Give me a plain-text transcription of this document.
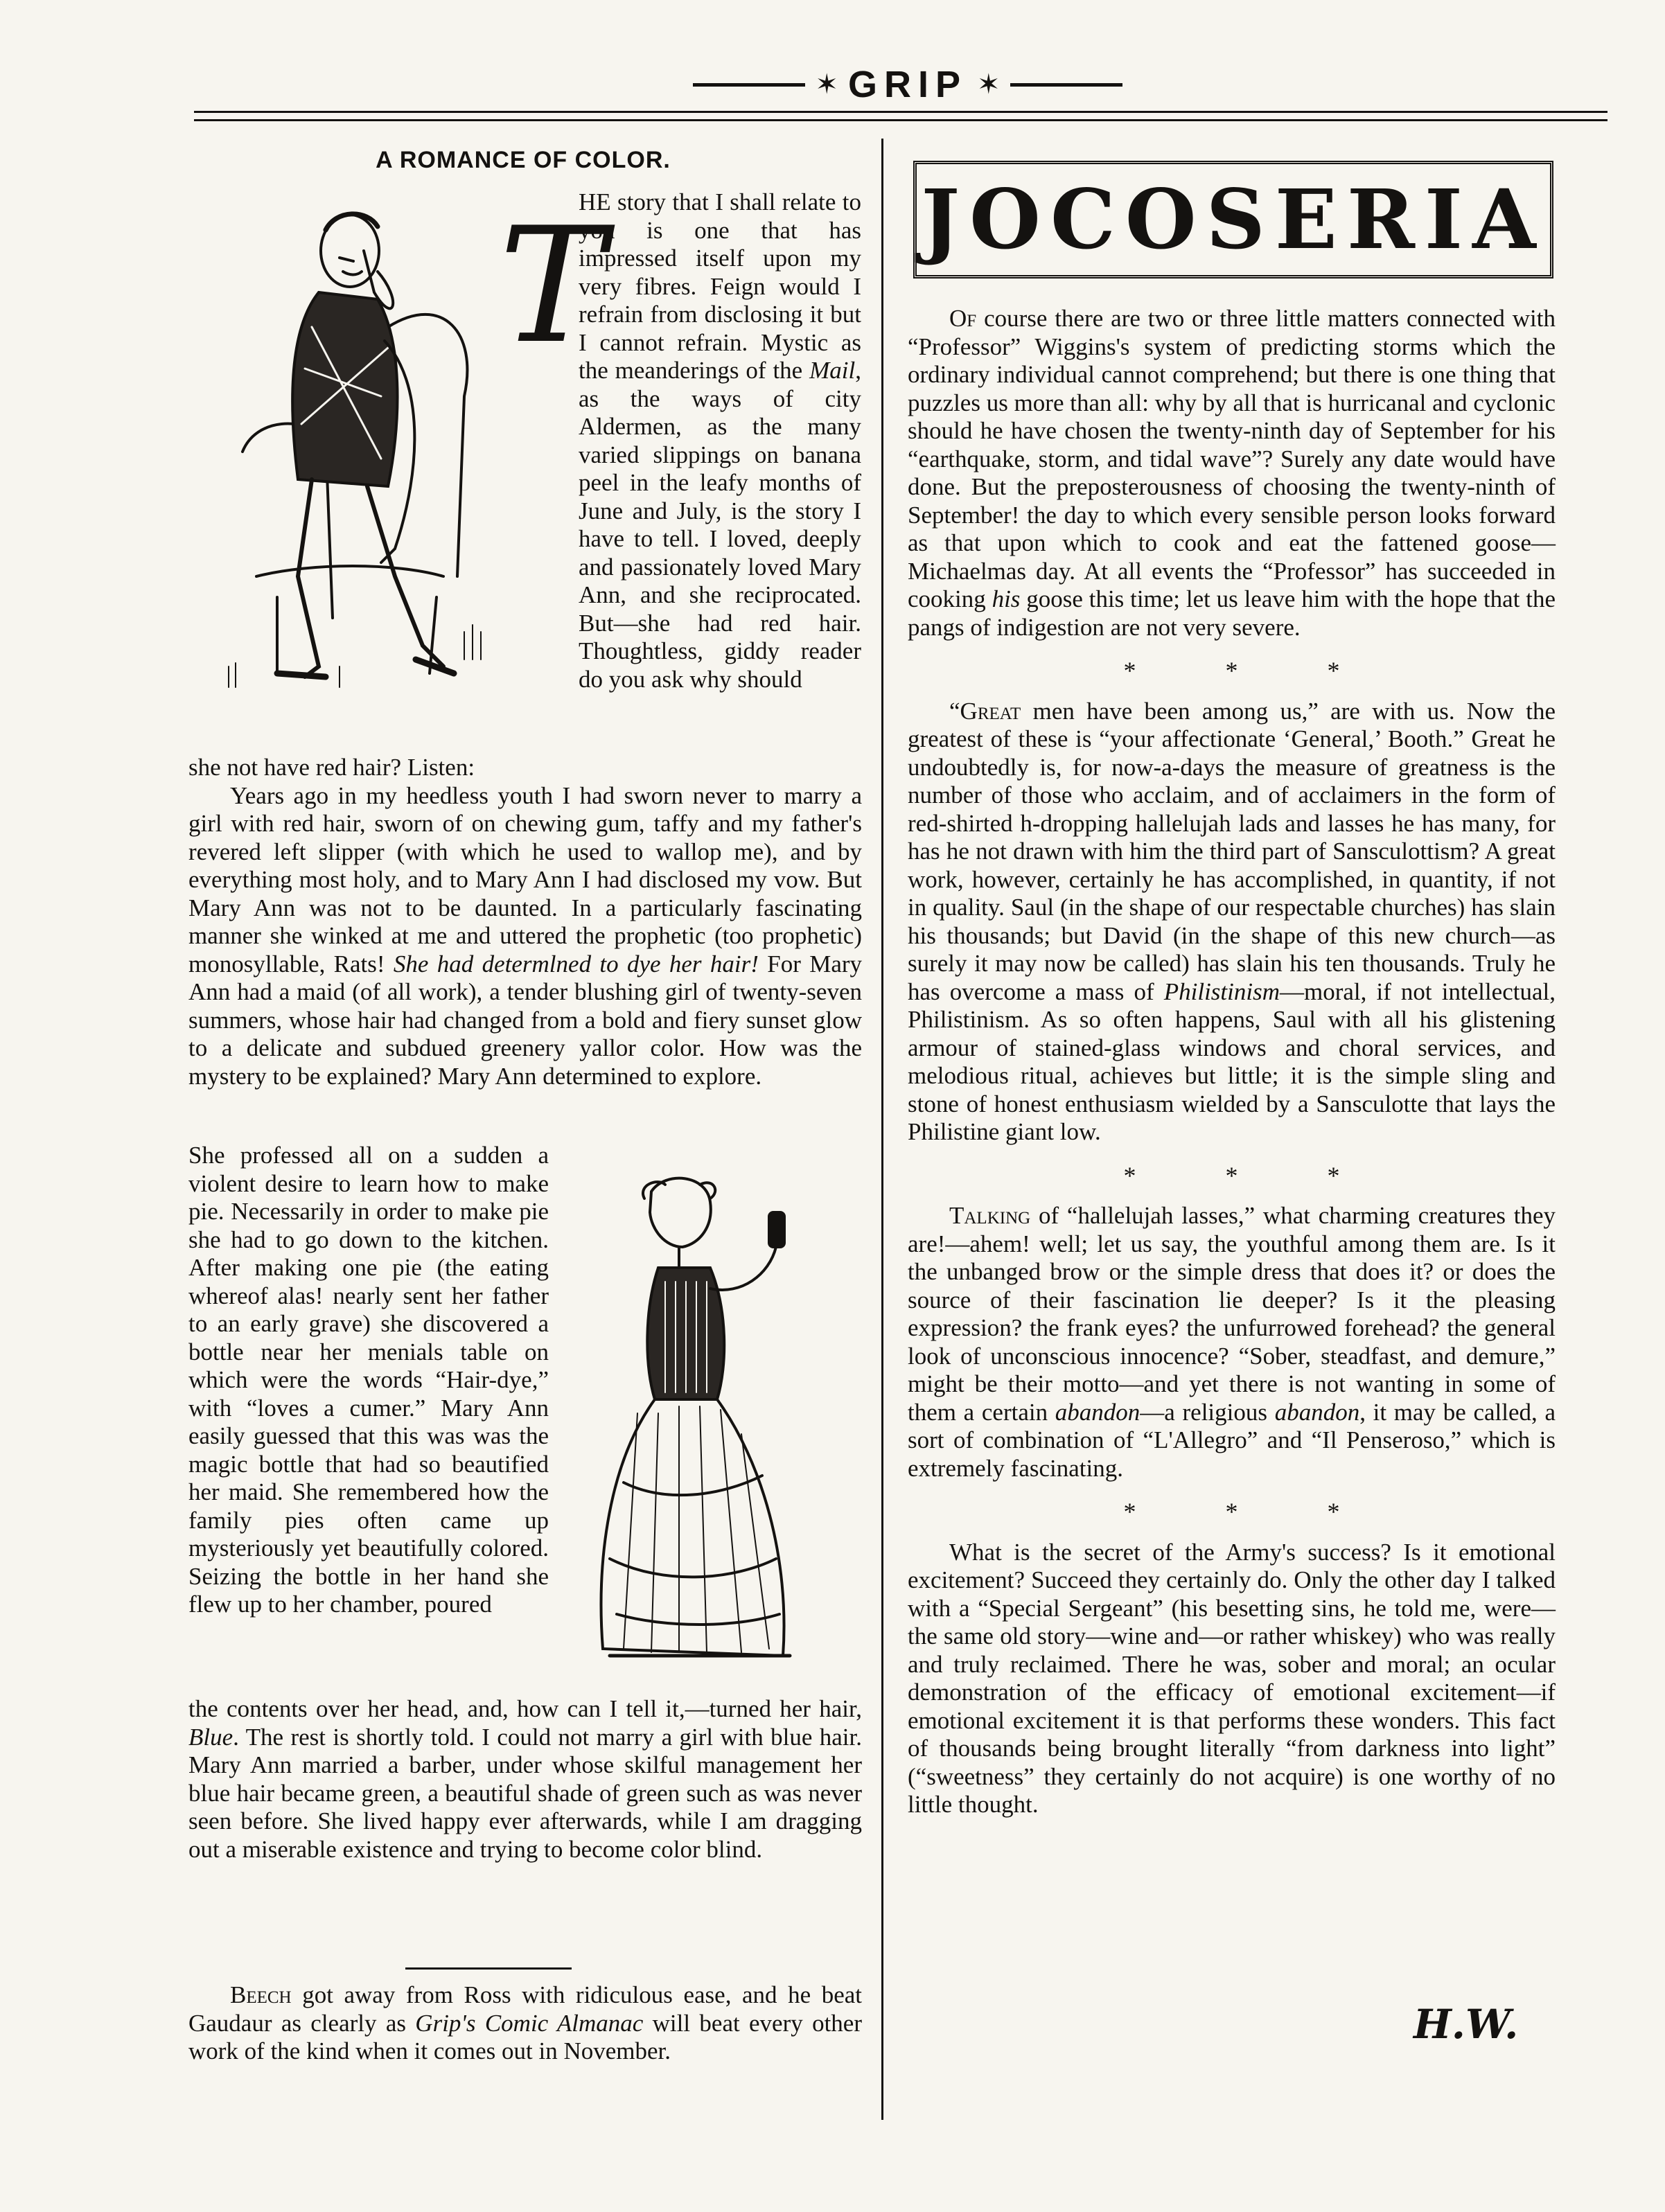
✶ GRIP ✶
A ROMANCE OF COLOR.
T
HE story that I shall relate to you is one that has impressed itself upon my very fibres. Feign would I refrain from disclosing it but I cannot refrain. Mystic as the meanderings of the Mail, as the ways of city Aldermen, as the many varied slippings on banana peel in the leafy months of June and July, is the story I have to tell. I loved, deeply and passionately loved Mary Ann, and she reciprocated. But—she had red hair. Thoughtless, giddy reader do you ask why should

she not have red hair? Listen:

Years ago in my heedless youth I had sworn never to marry a girl with red hair, sworn of on chewing gum, taffy and my father's revered left slipper (with which he used to wallop me), and by everything most holy, and to Mary Ann I had disclosed my vow. But Mary Ann was not to be daunted. In a particularly fascinating manner she winked at me and uttered the prophetic (too prophetic) monosyllable, Rats! She had determlned to dye her hair! For Mary Ann had a maid (of all work), a tender blushing girl of twenty-seven summers, whose hair had changed from a bold and fiery sunset glow to a delicate and subdued greenery yallor color. How was the mystery to be explained? Mary Ann determined to explore.

She professed all on a sudden a violent desire to learn how to make pie. Necessarily in order to make pie she had to go down to the kitchen. After making one pie (the eating whereof alas! nearly sent her father to an early grave) she discovered a bottle near her menials table on which were the words “Hair-dye,” with “loves a cumer.” Mary Ann easily guessed that this was was the magic bottle that had so beautified her maid. She remembered how the family pies often came up mysteriously yet beautifully colored. Seizing the bottle in her hand she flew up to her chamber, poured

the contents over her head, and, how can I tell it,—turned her hair, Blue. The rest is shortly told. I could not marry a girl with blue hair. Mary Ann married a barber, under whose skilful management her blue hair became green, a beautiful shade of green such as was never seen before. She lived happy ever afterwards, while I am dragging out a miserable existence and trying to become color blind.

Beech got away from Ross with ridiculous ease, and he beat Gaudaur as clearly as Grip's Comic Almanac will beat every other work of the kind when it comes out in November.

JOCOSERIA

Of course there are two or three little matters connected with “Professor” Wiggins's system of predicting storms which the ordinary individual cannot comprehend; but there is one thing that puzzles us more than all: why by all that is hurricanal and cyclonic should he have chosen the twenty-ninth day of September for his “earthquake, storm, and tidal wave”? Surely any date would have done. But the preposterousness of choosing the twenty-ninth of September! the day to which every sensible person looks forward as that upon which to cook and eat the fattened goose—Michaelmas day. At all events the “Professor” has succeeded in cooking his goose this time; let us leave him with the hope that the pangs of indigestion are not very severe.

* * *

“Great men have been among us,” are with us. Now the greatest of these is “your affectionate ‘General,’ Booth.” Great he undoubtedly is, for now-a-days the measure of greatness is the number of those who acclaim, and of acclaimers in the form of red-shirted h-dropping hallelujah lads and lasses he has many, for has he not drawn with him the third part of Sansculottism? A great work, however, certainly he has accomplished, in quantity, if not in quality. Saul (in the shape of our respectable churches) has slain his thousands; but David (in the shape of this new church—as surely it may now be called) has slain his ten thousands. Truly he has overcome a mass of Philistinism—moral, if not intellectual, Philistinism. As so often happens, Saul with all his glistening armour of stained-glass windows and choral services, and melodious ritual, achieves but little; it is the simple sling and stone of honest enthusiasm wielded by a Sansculotte that lays the Philistine giant low.

* * *

Talking of “hallelujah lasses,” what charming creatures they are!—ahem! well; let us say, the youthful among them are. Is it the unbanged brow or the simple dress that does it? or does the source of their fascination lie deeper? Is it the pleasing expression? the frank eyes? the unfurrowed forehead? the general look of unconscious innocence? “Sober, steadfast, and demure,” might be their motto—and yet there is not wanting in some of them a certain abandon—a religious abandon, it may be called, a sort of combination of “L'Allegro” and “Il Penseroso,” which is extremely fascinating.

* * *

What is the secret of the Army's success? Is it emotional excitement? Succeed they certainly do. Only the other day I talked with a “Special Sergeant” (his besetting sins, he told me, were—the same old story—wine and—or rather whiskey) who was really and truly reclaimed. There he was, sober and moral; an ocular demonstration of the efficacy of emotional excitement—if emotional excitement it is that performs these wonders. This fact of thousands being brought literally “from darkness into light” (“sweetness” they certainly do not acquire) is one worthy of no little thought.

H.W.
